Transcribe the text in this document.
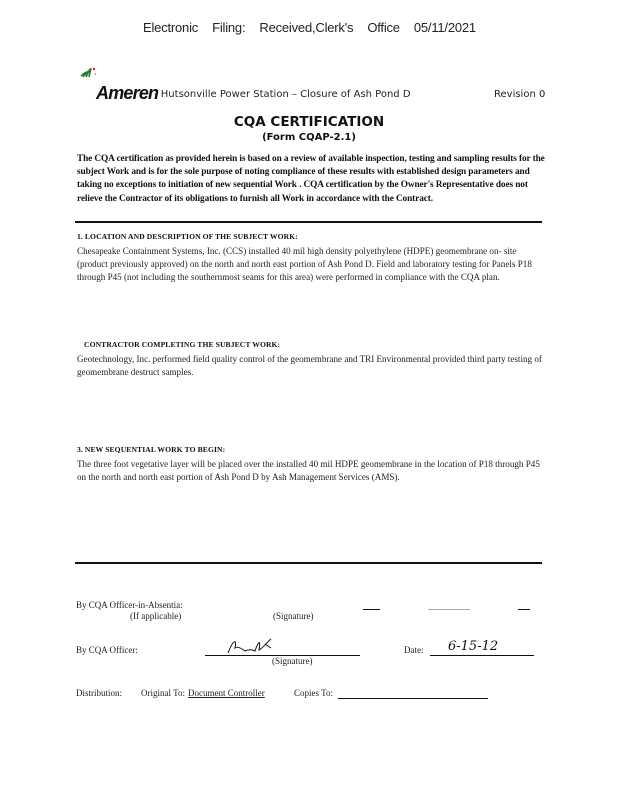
Electronic Filing: Received,Clerk's Office 05/11/2021
Ameren
- Hutsonville Power Station – Closure of Ash Pond D	Revision 0
CQA CERTIFICATION
(Form CQAP-2.1)
The CQA certification as provided herein is based on a review of available inspection, testing and sampling results for the subject Work and is for the sole purpose of noting compliance of these results with established design parameters and taking no exceptions to initiation of new sequential Work . CQA certification by the Owner's Representative does not relieve the Contractor of its obligations to furnish all Work in accordance with the Contract.
1. LOCATION AND DESCRIPTION OF THE SUBJECT WORK:
Chesapeake Containment Systems, Inc. (CCS) installed 40 mil high density polyethylene (HDPE) geomembrane on- site (product previously approved) on the north and north east portion of Ash Pond D. Field and laboratory testing for Panels P18 through P45 (not including the southernmost seams for this area) were performed in compliance with the CQA plan.
CONTRACTOR COMPLETING THE SUBJECT WORK:
Geotechnology, Inc. performed field quality control of the geomembrane and TRI Environmental provided third party testing of geomembrane destruct samples.
3. NEW SEQUENTIAL WORK TO BEGIN:
The three foot vegetative layer will be placed over the installed 40 mil HDPE geomembrane in the location of P18 through P45 on the north and north east portion of Ash Pond D by Ash Management Services (AMS).
By CQA Officer-in-Absentia:
(If applicable)	(Signature)
By CQA Officer:
(Signature)
Date: 6-15-12
Distribution: Original To: Document Controller	Copies To:
